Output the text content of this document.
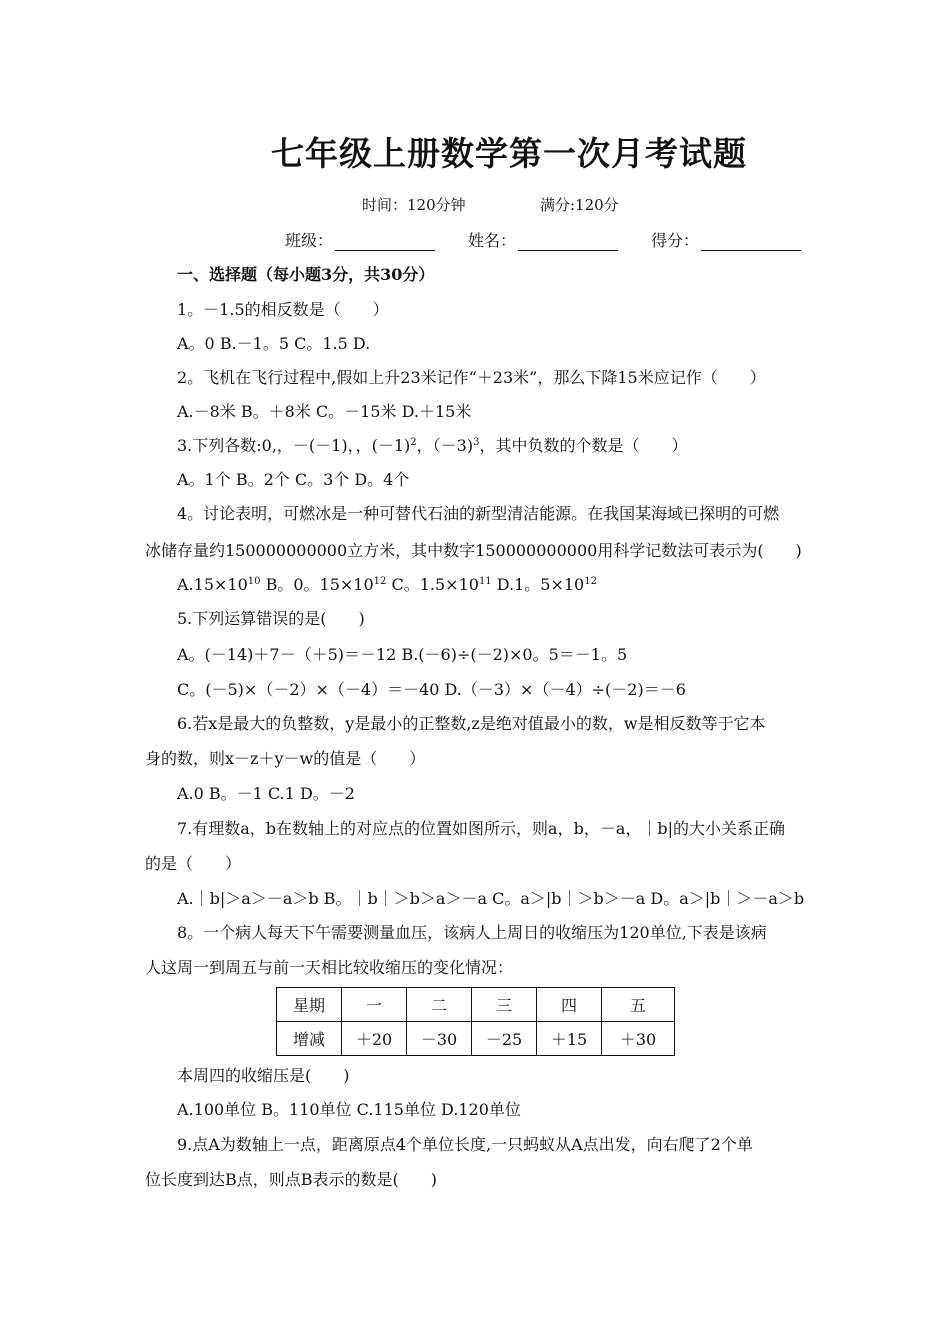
七年级上册数学第一次月考试题
时间：120分钟	满分:120分
班级：	姓名：	得分：
一、选择题（每小题3分，共30分）
1。－1.5的相反数是（　　）
A。0 B.－1。5 C。1.5 D.
2。飞机在飞行过程中,假如上升23米记作“＋23米”，那么下降15米应记作（　　）
A.－8米 B。＋8米 C。－15米 D.＋15米
3.下列各数:0,，－(－1)，，$(-1)^2$，（－3)$^3$，其中负数的个数是（　　）
A。1个 B。2个 C。3个 D。4个
4。讨论表明，可燃冰是一种可替代石油的新型清洁能源。在我国某海域已探明的可燃
冰储存量约150000000000立方米，其中数字150000000000用科学记数法可表示为(　　)
$A.15\times 10^{10}$ B。0。$15\times 10^{12}$ C。$1.5\times 10^{11}$ D.1。$5\times 10^{12}$
5.下列运算错误的是(　　)
A。(－14)＋7－（＋5)＝－12 B.(－6)÷(－2)×0。5＝－1。5
C。(－5)×（－2）×（－4）＝－40 D.（－3）×（－4）÷(－2)＝－6
6.若x是最大的负整数，y是最小的正整数,z是绝对值最小的数，w是相反数等于它本
身的数，则x－z＋y－w的值是（　　）
A.0 B。－1 C.1 D。－2
7.有理数a，b在数轴上的对应点的位置如图所示，则a，b，－a，｜b|的大小关系正确
的是（　　）
A.｜b|＞a＞－a＞b B。｜b｜＞b＞a＞－a C。a＞|b｜＞b＞－a D。a＞|b｜＞－a＞b
8。一个病人每天下午需要测量血压，该病人上周日的收缩压为120单位,下表是该病
人这周一到周五与前一天相比较收缩压的变化情况：
星期	一	二	三	四	五
增减	＋20	－30	－25	＋15	＋30
本周四的收缩压是(　　)
A.100单位 B。110单位 C.115单位 D.120单位
9.点A为数轴上一点，距离原点4个单位长度,一只蚂蚁从A点出发，向右爬了2个单
位长度到达B点，则点B表示的数是(　　)
